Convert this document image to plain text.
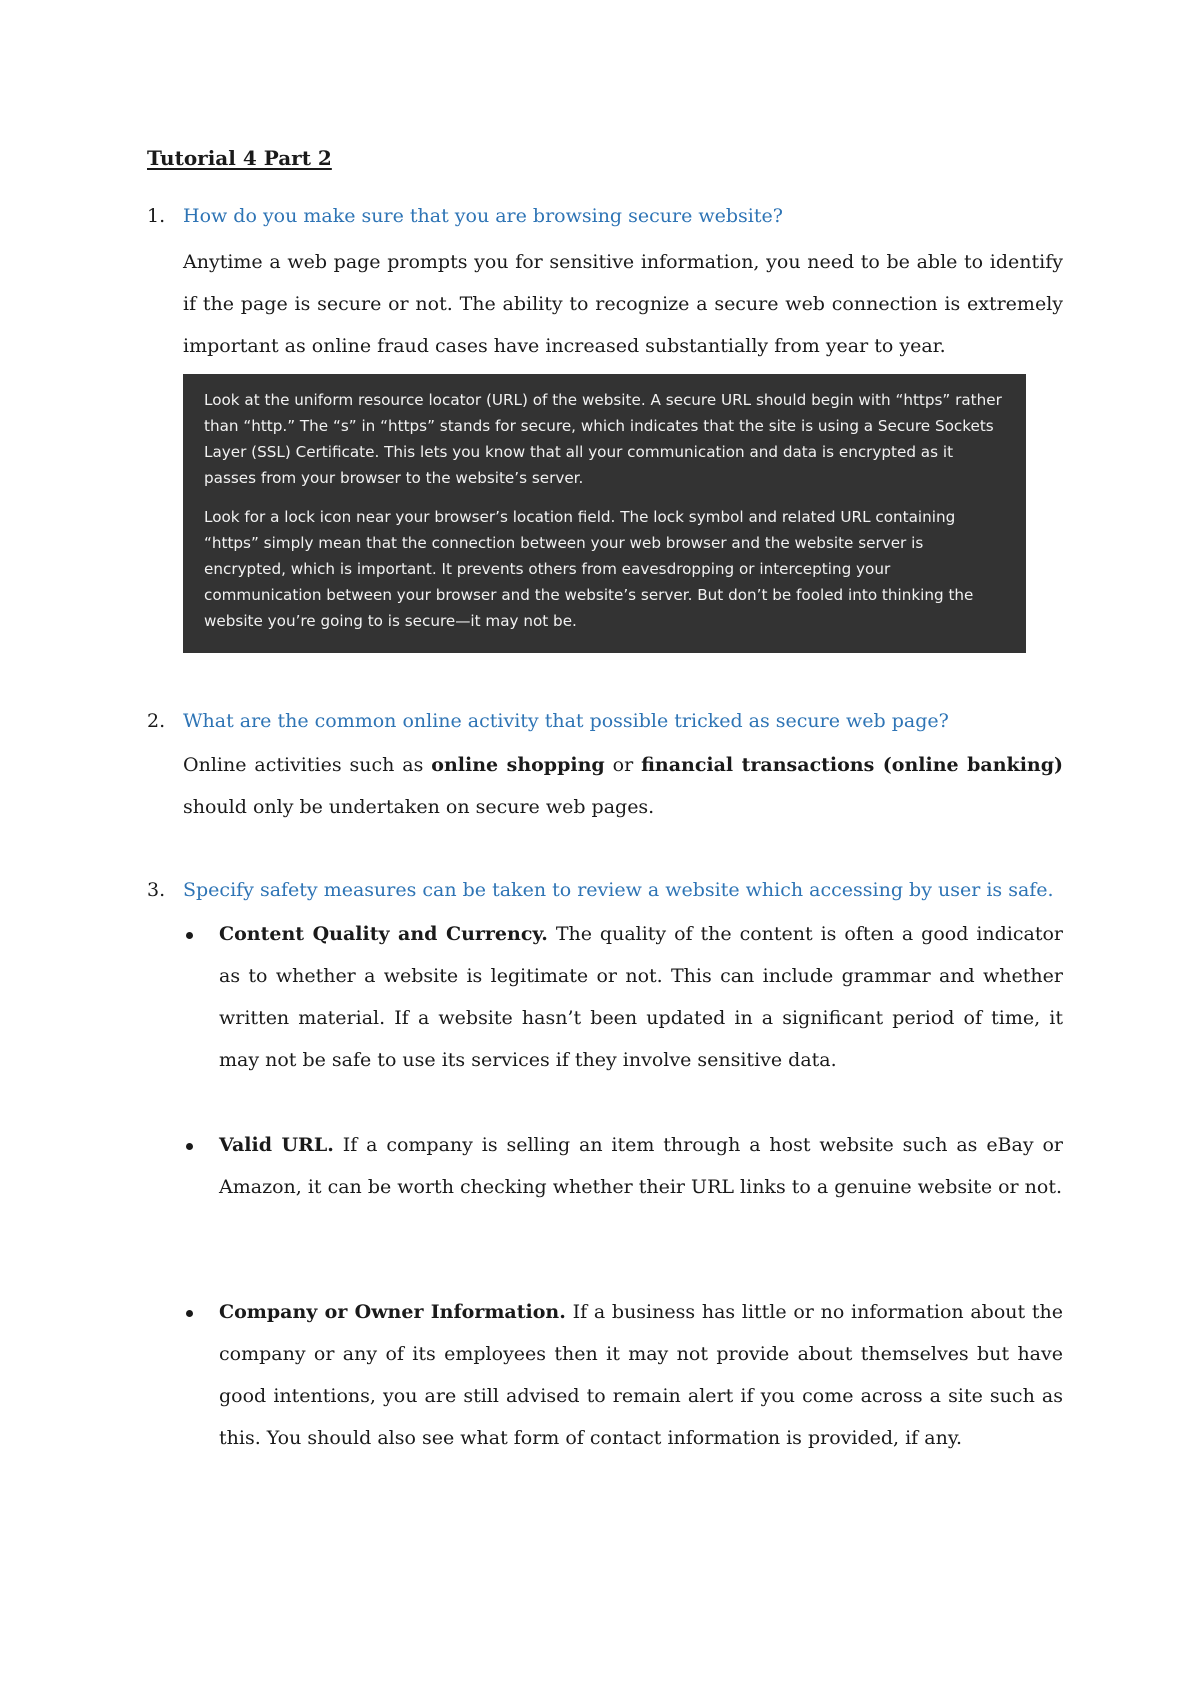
Tutorial 4 Part 2
1. How do you make sure that you are browsing secure website?

Anytime a web page prompts you for sensitive information, you need to be able to identify if the page is secure or not. The ability to recognize a secure web connection is extremely important as online fraud cases have increased substantially from year to year.

Look at the uniform resource locator (URL) of the website. A secure URL should begin with “https” rather than “http.” The “s” in “https” stands for secure, which indicates that the site is using a Secure Sockets Layer (SSL) Certificate. This lets you know that all your communication and data is encrypted as it passes from your browser to the website’s server.

Look for a lock icon near your browser’s location field. The lock symbol and related URL containing “https” simply mean that the connection between your web browser and the website server is encrypted, which is important. It prevents others from eavesdropping or intercepting your communication between your browser and the website’s server. But don’t be fooled into thinking the website you’re going to is secure—it may not be.

2. What are the common online activity that possible tricked as secure web page?

Online activities such as online shopping or financial transactions (online banking) should only be undertaken on secure web pages.

3. Specify safety measures can be taken to review a website which accessing by user is safe.

Content Quality and Currency. The quality of the content is often a good indicator as to whether a website is legitimate or not. This can include grammar and whether written material. If a website hasn’t been updated in a significant period of time, it may not be safe to use its services if they involve sensitive data.

Valid URL. If a company is selling an item through a host website such as eBay or Amazon, it can be worth checking whether their URL links to a genuine website or not.

Company or Owner Information. If a business has little or no information about the company or any of its employees then it may not provide about themselves but have good intentions, you are still advised to remain alert if you come across a site such as this. You should also see what form of contact information is provided, if any.
